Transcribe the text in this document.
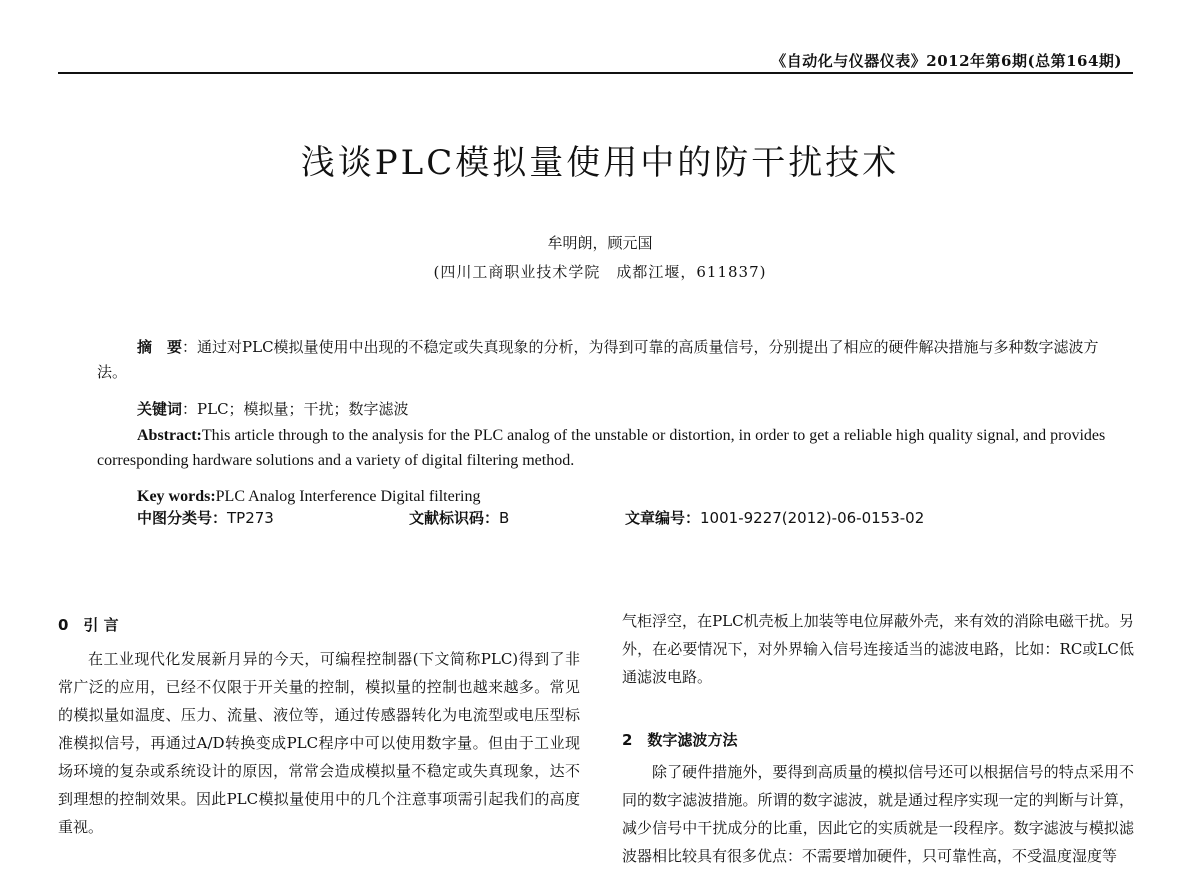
《自动化与仪器仪表》2012年第6期(总第164期)
浅谈PLC模拟量使用中的防干扰技术
牟明朗，顾元国
(四川工商职业技术学院　成都江堰，611837)
摘　要：通过对PLC模拟量使用中出现的不稳定或失真现象的分析，为得到可靠的高质量信号，分别提出了相应的硬件解决措施与多种数字滤波方法。
关键词：PLC；模拟量；干扰；数字滤波
Abstract:This article through to the analysis for the PLC analog of the unstable or distortion, in order to get a reliable high quality signal, and provides corresponding hardware solutions and a variety of digital filtering method.
Key words:PLC Analog Interference Digital filtering
中图分类号：TP273	文献标识码：B	文章编号：1001-9227(2012)-06-0153-02
0　引 言

在工业现代化发展新月异的今天，可编程控制器(下文简称PLC)得到了非常广泛的应用，已经不仅限于开关量的控制，模拟量的控制也越来越多。常见的模拟量如温度、压力、流量、液位等，通过传感器转化为电流型或电压型标准模拟信号，再通过A/D转换变成PLC程序中可以使用数字量。但由于工业现场环境的复杂或系统设计的原因，常常会造成模拟量不稳定或失真现象，达不到理想的控制效果。因此PLC模拟量使用中的几个注意事项需引起我们的高度重视。

气柜浮空，在PLC机壳板上加装等电位屏蔽外壳，来有效的消除电磁干扰。另外，在必要情况下，对外界输入信号连接适当的滤波电路，比如：RC或LC低通滤波电路。

2　数字滤波方法

除了硬件措施外，要得到高质量的模拟信号还可以根据信号的特点采用不同的数字滤波措施。所谓的数字滤波，就是通过程序实现一定的判断与计算，减少信号中干扰成分的比重，因此它的实质就是一段程序。数字滤波与模拟滤波器相比较具有很多优点：不需要增加硬件，只可靠性高，不受温度湿度等
